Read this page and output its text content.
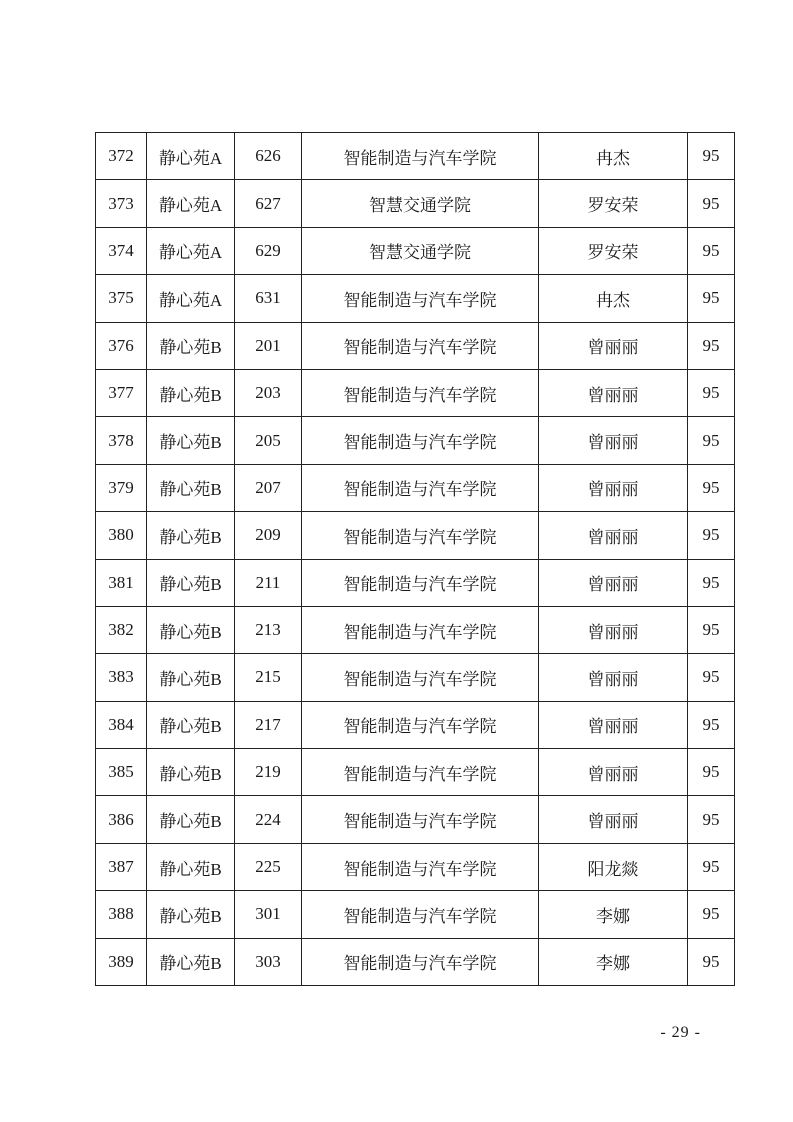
372	静心苑A	626	智能制造与汽车学院	冉杰	95
373	静心苑A	627	智慧交通学院	罗安荣	95
374	静心苑A	629	智慧交通学院	罗安荣	95
375	静心苑A	631	智能制造与汽车学院	冉杰	95
376	静心苑B	201	智能制造与汽车学院	曾丽丽	95
377	静心苑B	203	智能制造与汽车学院	曾丽丽	95
378	静心苑B	205	智能制造与汽车学院	曾丽丽	95
379	静心苑B	207	智能制造与汽车学院	曾丽丽	95
380	静心苑B	209	智能制造与汽车学院	曾丽丽	95
381	静心苑B	211	智能制造与汽车学院	曾丽丽	95
382	静心苑B	213	智能制造与汽车学院	曾丽丽	95
383	静心苑B	215	智能制造与汽车学院	曾丽丽	95
384	静心苑B	217	智能制造与汽车学院	曾丽丽	95
385	静心苑B	219	智能制造与汽车学院	曾丽丽	95
386	静心苑B	224	智能制造与汽车学院	曾丽丽	95
387	静心苑B	225	智能制造与汽车学院	阳龙燚	95
388	静心苑B	301	智能制造与汽车学院	李娜	95
389	静心苑B	303	智能制造与汽车学院	李娜	95
- 29 -
